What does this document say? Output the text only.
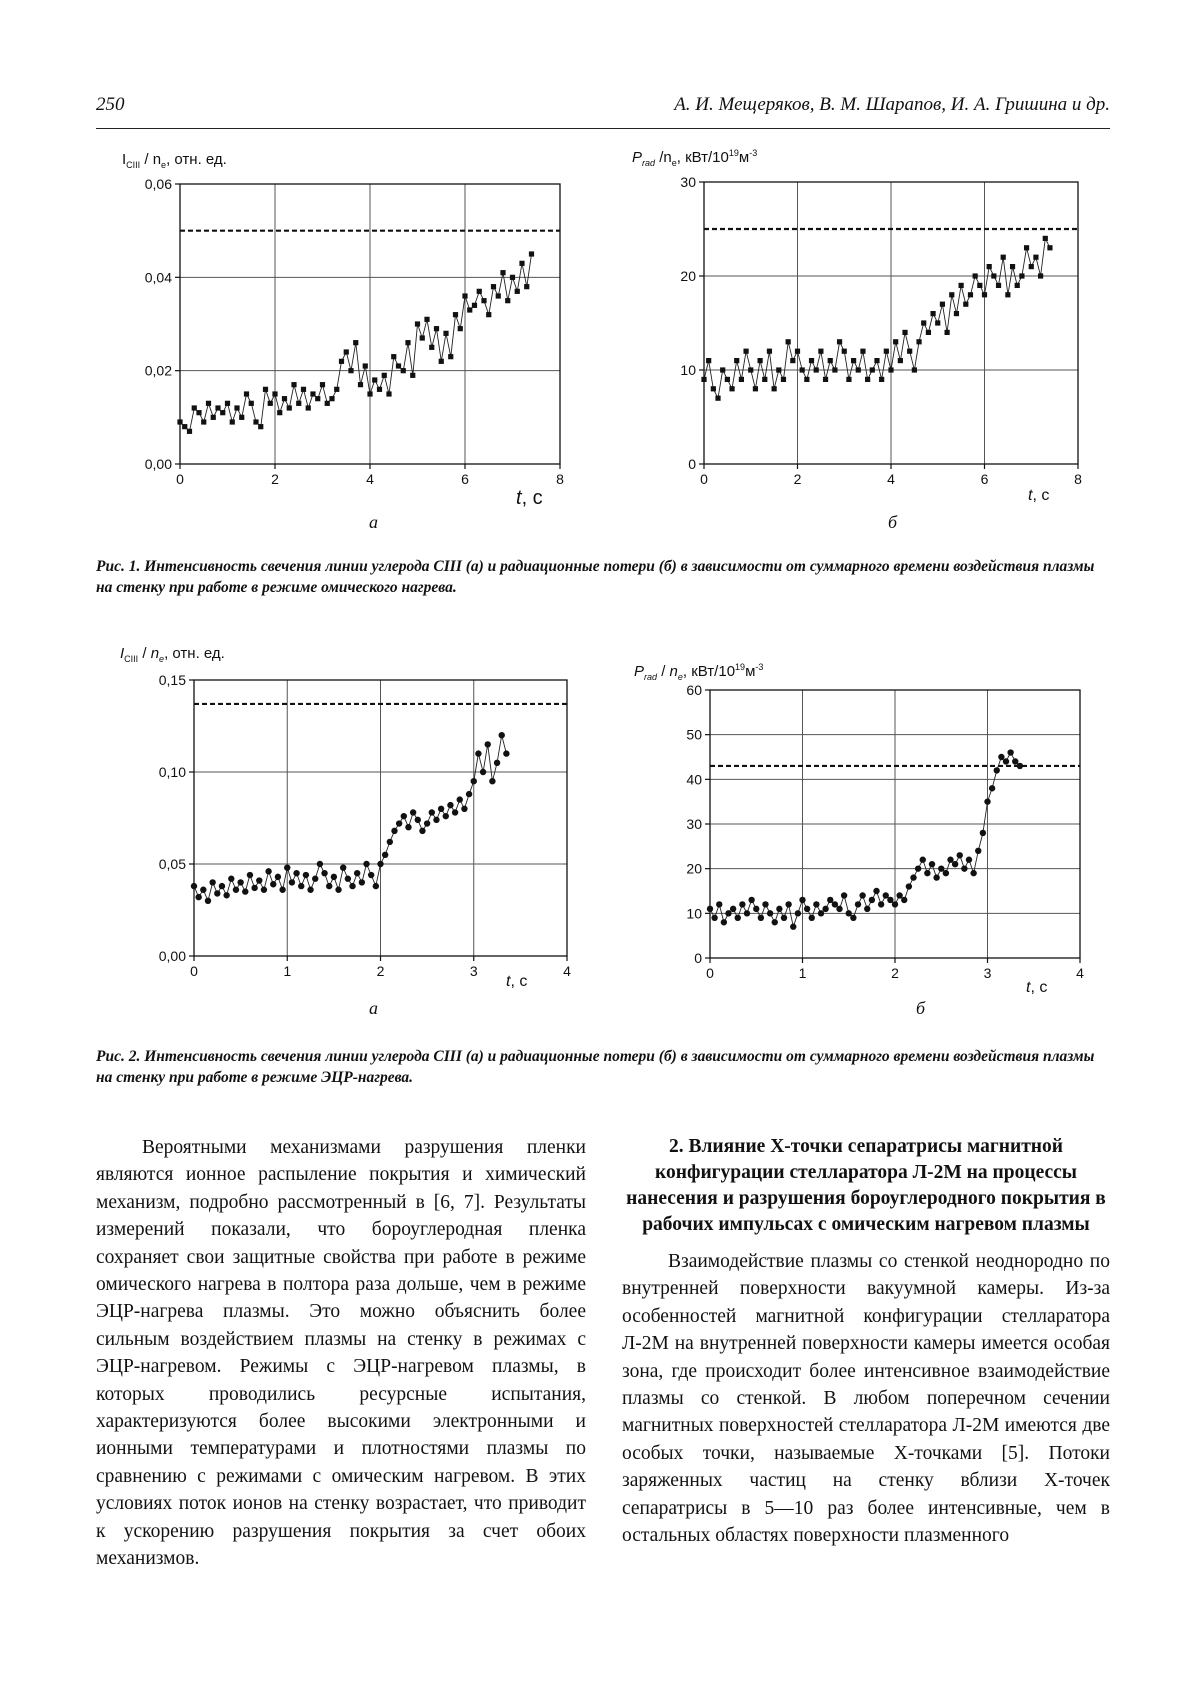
250	А. И. Мещеряков, В. М. Шарапов, И. А. Гришина и др.
$I_{CIII} / n_e$, отн. ед.
t, с
0	2	4	6	8
0,00
0,02
0,04
0,06
а
$P_{rad}$ $/n_e$, кВт/$10^{19}м^{-3}$
t, с
0	2	4	6	8
0
10
20
30
б
Рис. 1. Интенсивность свечения линии углерода CIII (а) и радиационные потери (б) в зависимости от суммарного времени воздействия плазмы на стенку при работе в режиме омического нагрева.
$I_{CIII} / n_e$, отн. ед.
t, с
0	1	2	3	4
0,00
0,05
0,10
0,15
а
$P_{rad} / n_e$, кВт/$10^{19}м^{-3}$
t, с
0	1	2	3	4
0
10
20
30
40
50
60
б
Рис. 2. Интенсивность свечения линии углерода CIII (а) и радиационные потери (б) в зависимости от суммарного времени воздействия плазмы на стенку при работе в режиме ЭЦР-нагрева.

Вероятными механизмами разрушения пленки являются ионное распыление покрытия и химический механизм, подробно рассмотренный в [6, 7]. Результаты измерений показали, что бороуглеродная пленка сохраняет свои защитные свойства при работе в режиме омического нагрева в полтора раза дольше, чем в режиме ЭЦР-нагрева плазмы. Это можно объяснить более сильным воздействием плазмы на стенку в режимах с ЭЦР-нагревом. Режимы с ЭЦР-нагревом плазмы, в которых проводились ресурсные испытания, характеризуются более высокими электронными и ионными температурами и плотностями плазмы по сравнению с режимами с омическим нагревом. В этих условиях поток ионов на стенку возрастает, что приводит к ускорению разрушения покрытия за счет обоих механизмов.

2. Влияние X-точки сепаратрисы магнитной конфигурации стелларатора Л-2М на процессы нанесения и разрушения бороуглеродного покрытия в рабочих импульсах с омическим нагревом плазмы

Взаимодействие плазмы со стенкой неоднородно по внутренней поверхности вакуумной камеры. Из-за особенностей магнитной конфигурации стелларатора Л-2М на внутренней поверхности камеры имеется особая зона, где происходит более интенсивное взаимодействие плазмы со стенкой. В любом поперечном сечении магнитных поверхностей стелларатора Л-2М имеются две особых точки, называемые X-точками [5]. Потоки заряженных частиц на стенку вблизи X-точек сепаратрисы в 5—10 раз более интенсивные, чем в остальных областях поверхности плазменного
